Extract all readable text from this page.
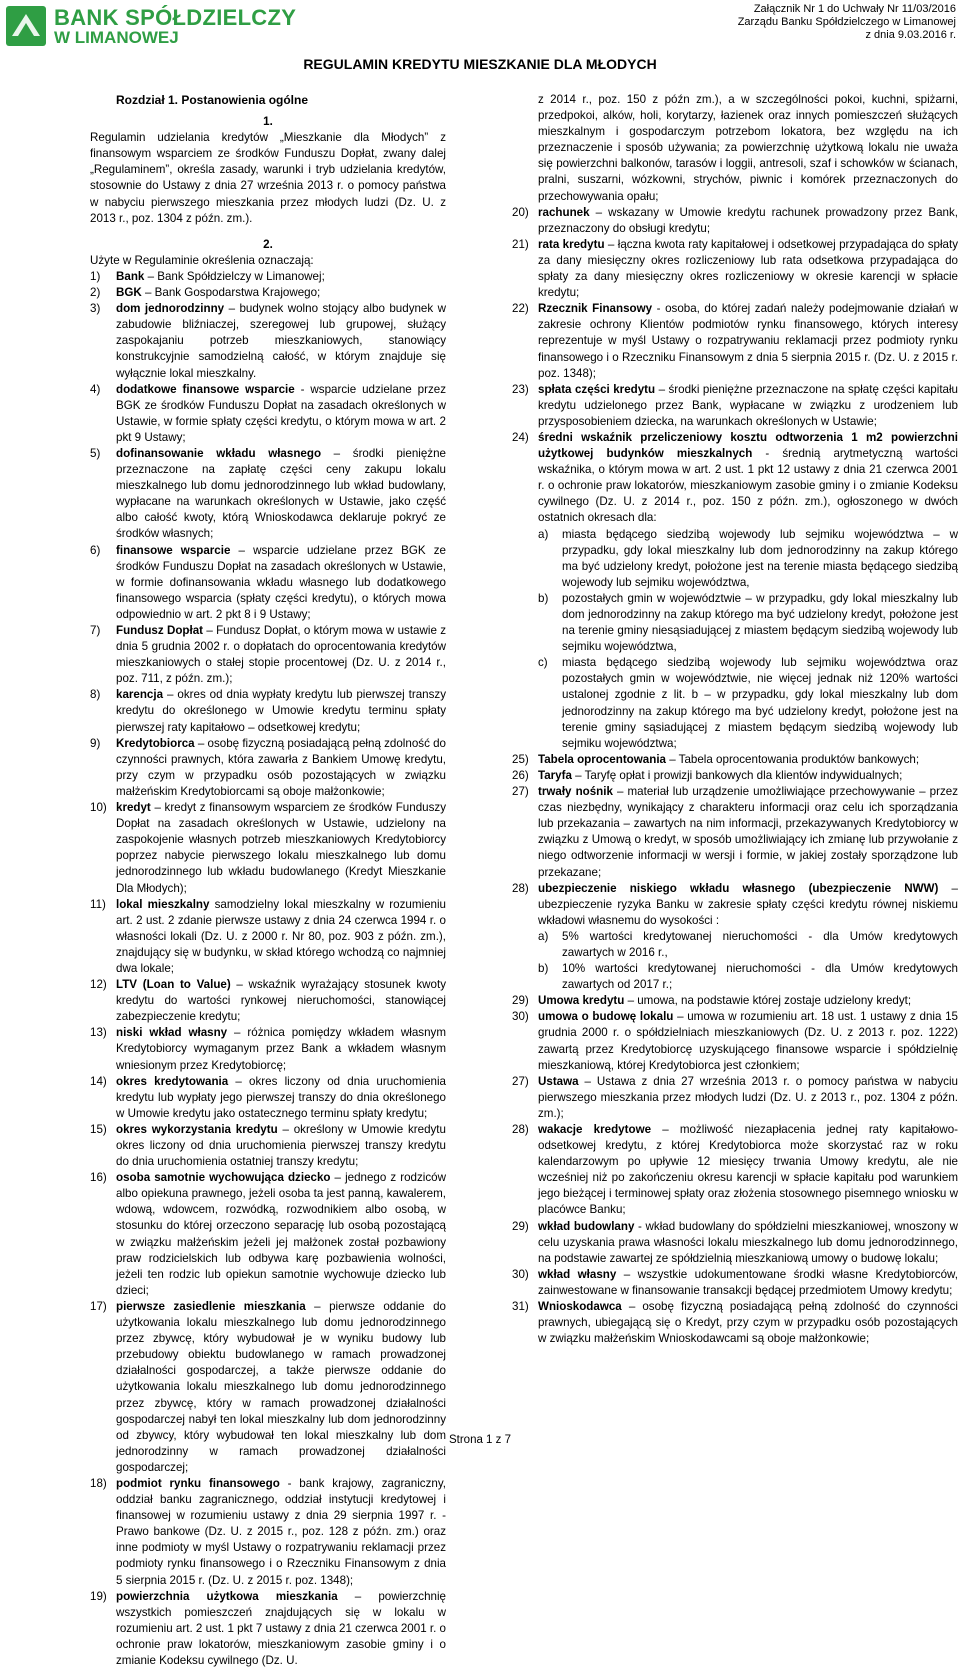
BANK SPÓŁDZIELCZY
W LIMANOWEJ
Załącznik Nr 1 do Uchwały Nr 11/03/2016
Zarządu Banku Spółdzielczego w Limanowej
z dnia 9.03.2016 r.
REGULAMIN KREDYTU MIESZKANIE DLA MŁODYCH
Rozdział 1. Postanowienia ogólne
1.

Regulamin udzielania kredytów „Mieszkanie dla Młodych” z finansowym wsparciem ze środków Funduszu Dopłat, zwany dalej „Regulaminem”, określa zasady, warunki i tryb udzielania kredytów, stosownie do Ustawy z dnia 27 września 2013 r. o pomocy państwa w nabyciu pierwszego mieszkania przez młodych ludzi (Dz. U. z 2013 r., poz. 1304 z późn. zm.).

2.

Użyte w Regulaminie określenia oznaczają:

1)	Bank – Bank Spółdzielczy w Limanowej;
2)	BGK – Bank Gospodarstwa Krajowego;
3)	dom jednorodzinny – budynek wolno stojący albo budynek w zabudowie bliźniaczej, szeregowej lub grupowej, służący zaspokajaniu potrzeb mieszkaniowych, stanowiący konstrukcyjnie samodzielną całość, w którym znajduje się wyłącznie lokal mieszkalny.
4)	dodatkowe finansowe wsparcie - wsparcie udzielane przez BGK ze środków Funduszu Dopłat na zasadach określonych w Ustawie, w formie spłaty części kredytu, o którym mowa w art. 2 pkt 9 Ustawy;
5)	dofinansowanie wkładu własnego – środki pieniężne przeznaczone na zapłatę części ceny zakupu lokalu mieszkalnego lub domu jednorodzinnego lub wkład budowlany, wypłacane na warunkach określonych w Ustawie, jako część albo całość kwoty, którą Wnioskodawca deklaruje pokryć ze środków własnych;
6)	finansowe wsparcie – wsparcie udzielane przez BGK ze środków Funduszu Dopłat na zasadach określonych w Ustawie, w formie dofinansowania wkładu własnego lub dodatkowego finansowego wsparcia (spłaty części kredytu), o których mowa odpowiednio w art. 2 pkt 8 i 9 Ustawy;
7)	Fundusz Dopłat – Fundusz Dopłat, o którym mowa w ustawie z dnia 5 grudnia 2002 r. o dopłatach do oprocentowania kredytów mieszkaniowych o stałej stopie procentowej (Dz. U. z 2014 r., poz. 711, z późn. zm.);
8)	karencja – okres od dnia wypłaty kredytu lub pierwszej transzy kredytu do określonego w Umowie kredytu terminu spłaty pierwszej raty kapitałowo – odsetkowej kredytu;
9)	Kredytobiorca – osobę fizyczną posiadającą pełną zdolność do czynności prawnych, która zawarła z Bankiem Umowę kredytu, przy czym w przypadku osób pozostających w związku małżeńskim Kredytobiorcami są oboje małżonkowie;
10) kredyt – kredyt z finansowym wsparciem ze środków Funduszy Dopłat na zasadach określonych w Ustawie, udzielony na zaspokojenie własnych potrzeb mieszkaniowych Kredytobiorcy poprzez nabycie pierwszego lokalu mieszkalnego lub domu jednorodzinnego lub wkładu budowlanego (Kredyt Mieszkanie Dla Młodych);
11) lokal mieszkalny samodzielny lokal mieszkalny w rozumieniu art. 2 ust. 2 zdanie pierwsze ustawy z dnia 24 czerwca 1994 r. o własności lokali (Dz. U. z 2000 r. Nr 80, poz. 903 z późn. zm.), znajdujący się w budynku, w skład którego wchodzą co najmniej dwa lokale;
12) LTV (Loan to Value) – wskaźnik wyrażający stosunek kwoty kredytu do wartości rynkowej nieruchomości, stanowiącej zabezpieczenie kredytu;
13) niski wkład własny – różnica pomiędzy wkładem własnym Kredytobiorcy wymaganym przez Bank a wkładem własnym wniesionym przez Kredytobiorcę;
14) okres kredytowania – okres liczony od dnia uruchomienia kredytu lub wypłaty jego pierwszej transzy do dnia określonego w Umowie kredytu jako ostatecznego terminu spłaty kredytu;
15) okres wykorzystania kredytu – określony w Umowie kredytu okres liczony od dnia uruchomienia pierwszej transzy kredytu do dnia uruchomienia ostatniej transzy kredytu;
16) osoba samotnie wychowująca dziecko – jednego z rodziców albo opiekuna prawnego, jeżeli osoba ta jest panną, kawalerem, wdową, wdowcem, rozwódką, rozwodnikiem albo osobą, w stosunku do której orzeczono separację lub osobą pozostającą w związku małżeńskim jeżeli jej małżonek został pozbawiony praw rodzicielskich lub odbywa karę pozbawienia wolności, jeżeli ten rodzic lub opiekun samotnie wychowuje dziecko lub dzieci;
17) pierwsze zasiedlenie mieszkania – pierwsze oddanie do użytkowania lokalu mieszkalnego lub domu jednorodzinnego przez zbywcę, który wybudował je w wyniku budowy lub przebudowy obiektu budowlanego w ramach prowadzonej działalności gospodarczej, a także pierwsze oddanie do użytkowania lokalu mieszkalnego lub domu jednorodzinnego przez zbywcę, który w ramach prowadzonej działalności gospodarczej nabył ten lokal mieszkalny lub dom jednorodzinny od zbywcy, który wybudował ten lokal mieszkalny lub dom jednorodzinny w ramach prowadzonej działalności gospodarczej;
18) podmiot rynku finansowego - bank krajowy, zagraniczny, oddział banku zagranicznego, oddział instytucji kredytowej i finansowej w rozumieniu ustawy z dnia 29 sierpnia 1997 r. - Prawo bankowe (Dz. U. z 2015 r., poz. 128 z późn. zm.) oraz inne podmioty w myśl Ustawy o rozpatrywaniu reklamacji przez podmioty rynku finansowego i o Rzeczniku Finansowym z dnia 5 sierpnia 2015 r. (Dz. U. z 2015 r. poz. 1348);
19) powierzchnia użytkowa mieszkania – powierzchnię wszystkich pomieszczeń znajdujących się w lokalu w rozumieniu art. 2 ust. 1 pkt 7 ustawy z dnia 21 czerwca 2001 r. o ochronie praw lokatorów, mieszkaniowym zasobie gminy i o zmianie Kodeksu cywilnego (Dz. U.

z 2014 r., poz. 150 z późn zm.), a w szczególności pokoi, kuchni, spiżarni, przedpokoi, alków, holi, korytarzy, łazienek oraz innych pomieszczeń służących mieszkalnym i gospodarczym potrzebom lokatora, bez względu na ich przeznaczenie i sposób używania; za powierzchnię użytkową lokalu nie uważa się powierzchni balkonów, tarasów i loggii, antresoli, szaf i schowków w ścianach, pralni, suszarni, wózkowni, strychów, piwnic i komórek przeznaczonych do przechowywania opału;

20) rachunek – wskazany w Umowie kredytu rachunek prowadzony przez Bank, przeznaczony do obsługi kredytu;
21) rata kredytu – łączna kwota raty kapitałowej i odsetkowej przypadająca do spłaty za dany miesięczny okres rozliczeniowy lub rata odsetkowa przypadająca do spłaty za dany miesięczny okres rozliczeniowy w okresie karencji w spłacie kredytu;
22) Rzecznik Finansowy - osoba, do której zadań należy podejmowanie działań w zakresie ochrony Klientów podmiotów rynku finansowego, których interesy reprezentuje w myśl Ustawy o rozpatrywaniu reklamacji przez podmioty rynku finansowego i o Rzeczniku Finansowym z dnia 5 sierpnia 2015 r. (Dz. U. z 2015 r. poz. 1348);
23) spłata części kredytu – środki pieniężne przeznaczone na spłatę części kapitału kredytu udzielonego przez Bank, wypłacane w związku z urodzeniem lub przysposobieniem dziecka, na warunkach określonych w Ustawie;
24) średni wskaźnik przeliczeniowy kosztu odtworzenia 1 m2 powierzchni użytkowej budynków mieszkalnych - średnią arytmetyczną wartości wskaźnika, o którym mowa w art. 2 ust. 1 pkt 12 ustawy z dnia 21 czerwca 2001 r. o ochronie praw lokatorów, mieszkaniowym zasobie gminy i o zmianie Kodeksu cywilnego (Dz. U. z 2014 r., poz. 150 z późn. zm.), ogłoszonego w dwóch ostatnich okresach dla:
a)	miasta będącego siedzibą wojewody lub sejmiku województwa – w przypadku, gdy lokal mieszkalny lub dom jednorodzinny na zakup którego ma być udzielony kredyt, położone jest na terenie miasta będącego siedzibą wojewody lub sejmiku województwa,
b)	pozostałych gmin w województwie – w przypadku, gdy lokal mieszkalny lub dom jednorodzinny na zakup którego ma być udzielony kredyt, położone jest na terenie gminy niesąsiadującej z miastem będącym siedzibą wojewody lub sejmiku województwa,
c)	miasta będącego siedzibą wojewody lub sejmiku województwa oraz pozostałych gmin w województwie, nie więcej jednak niż 120% wartości ustalonej zgodnie z lit. b – w przypadku, gdy lokal mieszkalny lub dom jednorodzinny na zakup którego ma być udzielony kredyt, położone jest na terenie gminy sąsiadującej z miastem będącym siedzibą wojewody lub sejmiku województwa;
25) Tabela oprocentowania – Tabela oprocentowania produktów bankowych;
26) Taryfa – Taryfę opłat i prowizji bankowych dla klientów indywidualnych;
27) trwały nośnik – materiał lub urządzenie umożliwiające przechowywanie – przez czas niezbędny, wynikający z charakteru informacji oraz celu ich sporządzania lub przekazania – zawartych na nim informacji, przekazywanych Kredytobiorcy w związku z Umową o kredyt, w sposób umożliwiający ich zmianę lub przywołanie z niego odtworzenie informacji w wersji i formie, w jakiej zostały sporządzone lub przekazane;
28) ubezpieczenie niskiego wkładu własnego (ubezpieczenie NWW) – ubezpieczenie ryzyka Banku w zakresie spłaty części kredytu równej niskiemu wkładowi własnemu do wysokości :
a)	5% wartości kredytowanej nieruchomości - dla Umów kredytowych zawartych w 2016 r.,
b)	10% wartości kredytowanej nieruchomości - dla Umów kredytowych zawartych od 2017 r.;
29) Umowa kredytu – umowa, na podstawie której zostaje udzielony kredyt;
30) umowa o budowę lokalu – umowa w rozumieniu art. 18 ust. 1 ustawy z dnia 15 grudnia 2000 r. o spółdzielniach mieszkaniowych (Dz. U. z 2013 r. poz. 1222) zawartą przez Kredytobiorcę uzyskującego finansowe wsparcie i spółdzielnię mieszkaniową, której Kredytobiorca jest członkiem;
27) Ustawa – Ustawa z dnia 27 września 2013 r. o pomocy państwa w nabyciu pierwszego mieszkania przez młodych ludzi (Dz. U. z 2013 r., poz. 1304 z późn. zm.);
28) wakacje kredytowe – możliwość niezapłacenia jednej raty kapitałowo-odsetkowej kredytu, z której Kredytobiorca może skorzystać raz w roku kalendarzowym po upływie 12 miesięcy trwania Umowy kredytu, ale nie wcześniej niż po zakończeniu okresu karencji w spłacie kapitału pod warunkiem jego bieżącej i terminowej spłaty oraz złożenia stosownego pisemnego wniosku w placówce Banku;
29) wkład budowlany - wkład budowlany do spółdzielni mieszkaniowej, wnoszony w celu uzyskania prawa własności lokalu mieszkalnego lub domu jednorodzinnego, na podstawie zawartej ze spółdzielnią mieszkaniową umowy o budowę lokalu;
30) wkład własny – wszystkie udokumentowane środki własne Kredytobiorców, zainwestowane w finansowanie transakcji będącej przedmiotem Umowy kredytu;
31) Wnioskodawca – osobę fizyczną posiadającą pełną zdolność do czynności prawnych, ubiegającą się o Kredyt, przy czym w przypadku osób pozostających w związku małżeńskim Wnioskodawcami są oboje małżonkowie;
Strona 1 z 7
